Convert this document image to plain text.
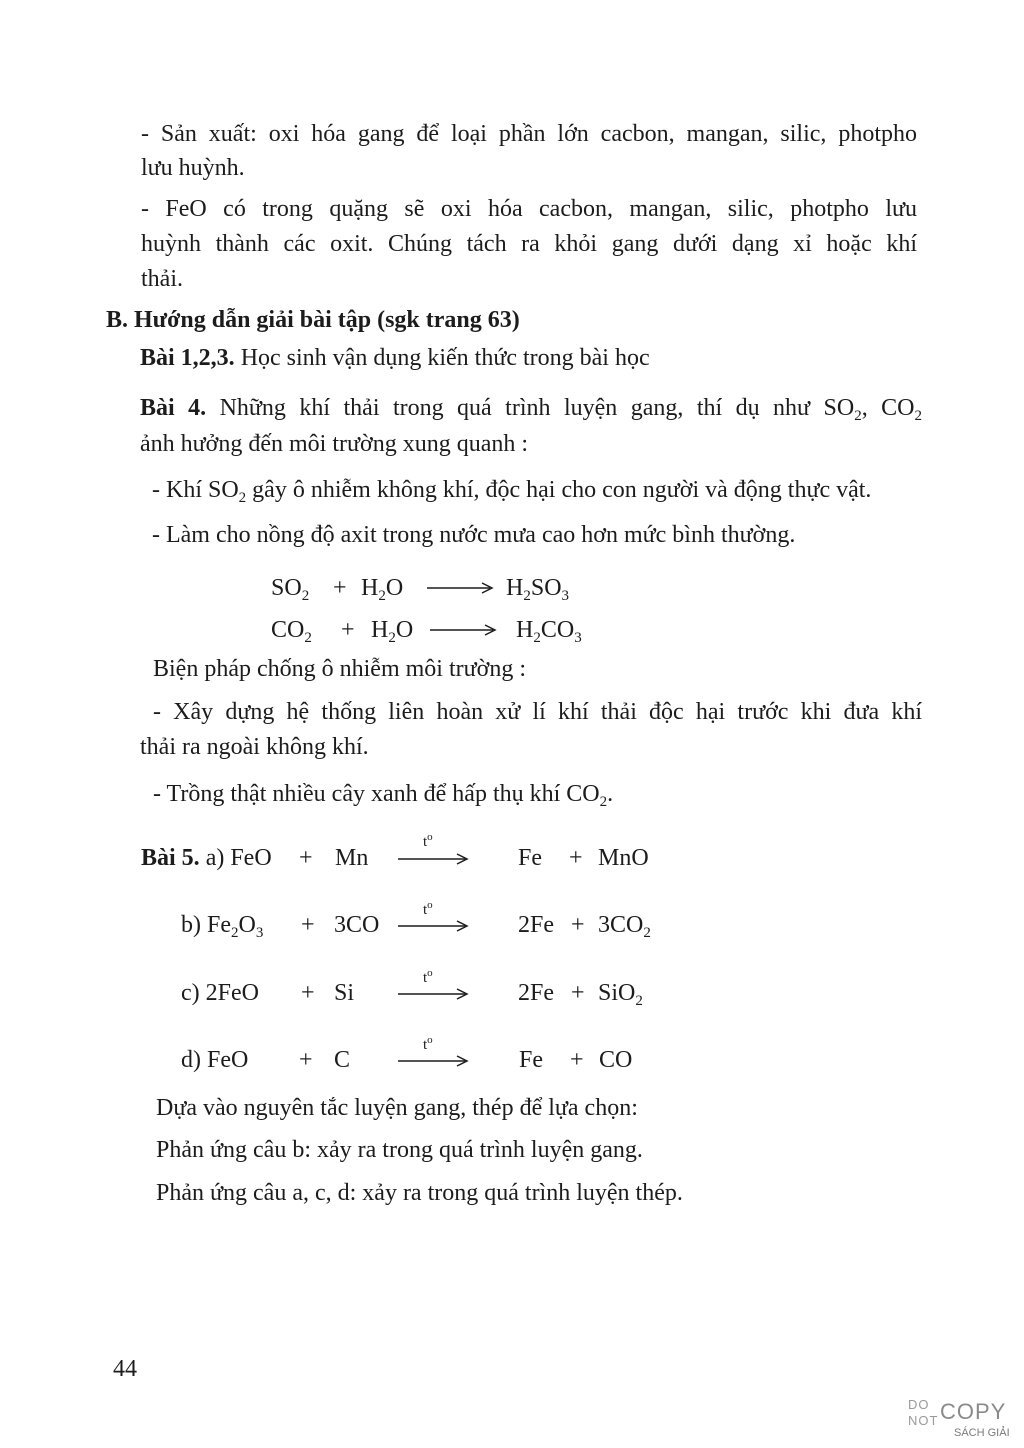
- Sản xuất: oxi hóa gang để loại phần lớn cacbon, mangan, silic, photpho
lưu huỳnh.
- FeO có trong quặng sẽ oxi hóa cacbon, mangan, silic, photpho lưu
huỳnh thành các oxit. Chúng tách ra khỏi gang dưới dạng xỉ hoặc khí
thải.
B. Hướng dẫn giải bài tập (sgk trang 63)
Bài 1,2,3. Học sinh vận dụng kiến thức trong bài học
Bài 4. Những khí thải trong quá trình luyện gang, thí dụ như $SO_2$, $CO_2$
ảnh hưởng đến môi trường xung quanh :
- Khí $SO_2$ gây ô nhiễm không khí, độc hại cho con người và động thực vật.
- Làm cho nồng độ axit trong nước mưa cao hơn mức bình thường.
$SO_2 + H_2O$	$H_2SO_3$
$CO_2 + H_2O$	$H_2CO_3$
Biện pháp chống ô nhiễm môi trường :
- Xây dựng hệ thống liên hoàn xử lí khí thải độc hại trước khi đưa khí
thải ra ngoài không khí.
- Trồng thật nhiều cây xanh để hấp thụ khí $CO_2$.
Bài 5. a) FeO + Mn
$t^o$
Fe + MnO
b) $Fe_2O_3 + 3CO$
$t^o$
$2Fe + 3CO_2$
c) 2FeO + Si
$t^o$
2Fe + SiO$_2$
d) FeO + C
$t^o$
Fe + CO
Dựa vào nguyên tắc luyện gang, thép để lựa chọn:
Phản ứng câu b: xảy ra trong quá trình luyện gang.
Phản ứng câu a, c, d: xảy ra trong quá trình luyện thép.
44
DO
NOT COPY
SÁCH GIẢI
